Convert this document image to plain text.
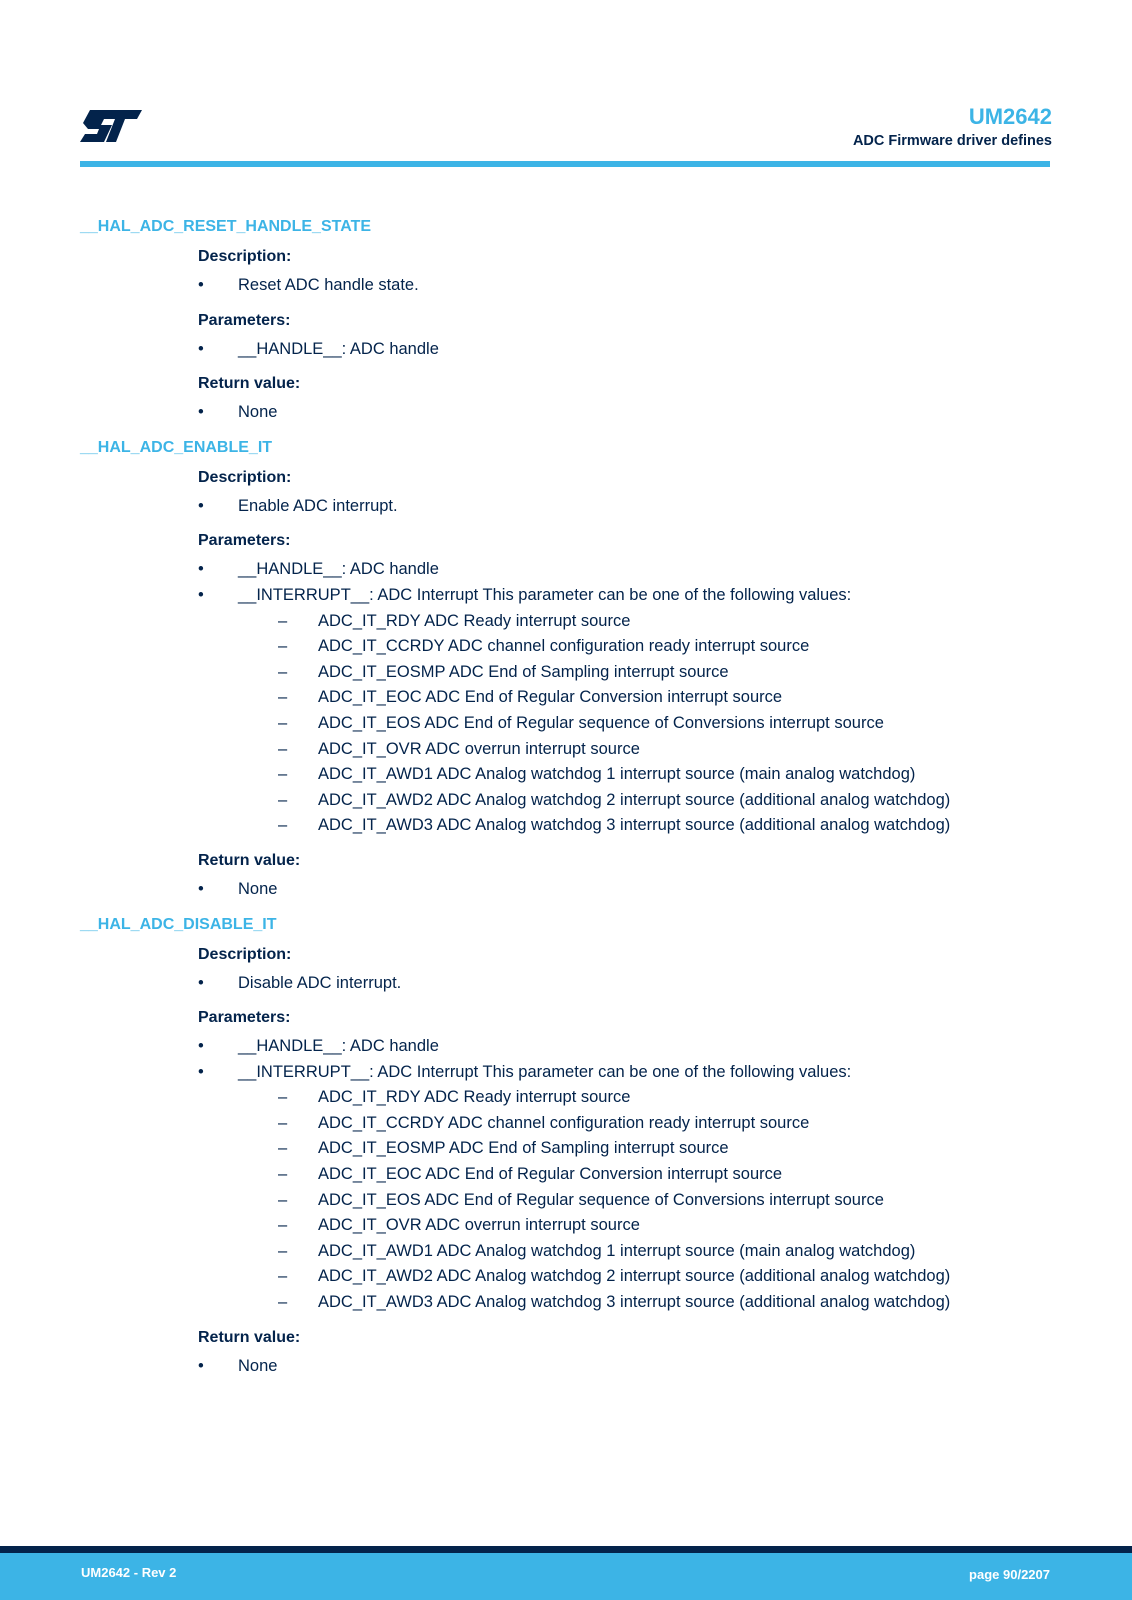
UM2642
ADC Firmware driver defines
__HAL_ADC_RESET_HANDLE_STATE
Description:
• Reset ADC handle state.
Parameters:
• __HANDLE__: ADC handle
Return value:
• None
__HAL_ADC_ENABLE_IT
Description:
• Enable ADC interrupt.
Parameters:
• __HANDLE__: ADC handle
• __INTERRUPT__: ADC Interrupt This parameter can be one of the following values:
– ADC_IT_RDY ADC Ready interrupt source
– ADC_IT_CCRDY ADC channel configuration ready interrupt source
– ADC_IT_EOSMP ADC End of Sampling interrupt source
– ADC_IT_EOC ADC End of Regular Conversion interrupt source
– ADC_IT_EOS ADC End of Regular sequence of Conversions interrupt source
– ADC_IT_OVR ADC overrun interrupt source
– ADC_IT_AWD1 ADC Analog watchdog 1 interrupt source (main analog watchdog)
– ADC_IT_AWD2 ADC Analog watchdog 2 interrupt source (additional analog watchdog)
– ADC_IT_AWD3 ADC Analog watchdog 3 interrupt source (additional analog watchdog)
Return value:
• None
__HAL_ADC_DISABLE_IT
Description:
• Disable ADC interrupt.
Parameters:
• __HANDLE__: ADC handle
• __INTERRUPT__: ADC Interrupt This parameter can be one of the following values:
– ADC_IT_RDY ADC Ready interrupt source
– ADC_IT_CCRDY ADC channel configuration ready interrupt source
– ADC_IT_EOSMP ADC End of Sampling interrupt source
– ADC_IT_EOC ADC End of Regular Conversion interrupt source
– ADC_IT_EOS ADC End of Regular sequence of Conversions interrupt source
– ADC_IT_OVR ADC overrun interrupt source
– ADC_IT_AWD1 ADC Analog watchdog 1 interrupt source (main analog watchdog)
– ADC_IT_AWD2 ADC Analog watchdog 2 interrupt source (additional analog watchdog)
– ADC_IT_AWD3 ADC Analog watchdog 3 interrupt source (additional analog watchdog)
Return value:
• None
UM2642 - Rev 2	page 90/2207
